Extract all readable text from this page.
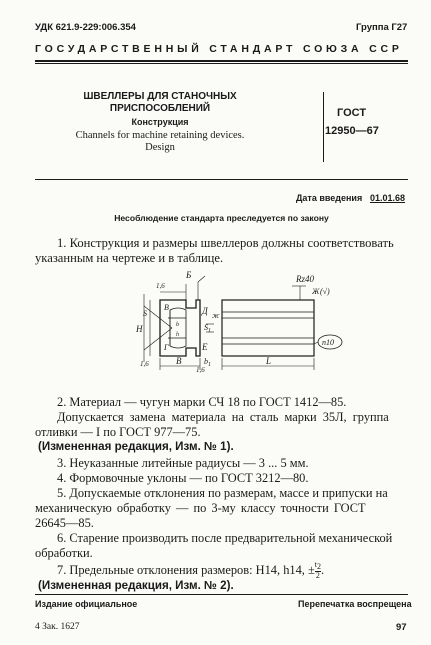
УДК 621.9-229:006.354	Группа Г27
ГОСУДАРСТВЕННЫЙ СТАНДАРТ СОЮЗА ССР
ШВЕЛЛЕРЫ ДЛЯ СТАНОЧНЫХ
ПРИСПОСОБЛЕНИЙ
Конструкция
Channels for machine retaining devices.
Design
ГОСТ
12950—67
Дата введения 01.01.68
Несоблюдение стандарта преследуется по закону
1. Конструкция и размеры швеллеров должны соответствовать
указанным на чертеже и в таблице.
Rz40
Ж (√)
Б
Д ж
Е
L
H
S
$S_1$
B	$b_1$
1,6
1,6
1,6
b
h
Г
В
n10
2. Материал — чугун марки СЧ 18 по ГОСТ 1412—85.
Допускается замена материала на сталь марки 35Л, группа
отливки — I по ГОСТ 977—75.
(Измененная редакция, Изм. № 1).
3. Неуказанные литейные радиусы — 3 ... 5 мм.
4. Формовочные уклоны — по ГОСТ 3212—80.
5. Допускаемые отклонения по размерам, массе и припуски на
механическую обработку — по 3-му классу точности ГОСТ
26645—85.
6. Старение производить после предварительной механической
обработки.
7. Предельные отклонения размеров: H14, h14, ± $\frac{t2}{2}$ .
(Измененная редакция, Изм. № 2).
Издание официальное	Перепечатка воспрещена
4 Зак. 1627	97
